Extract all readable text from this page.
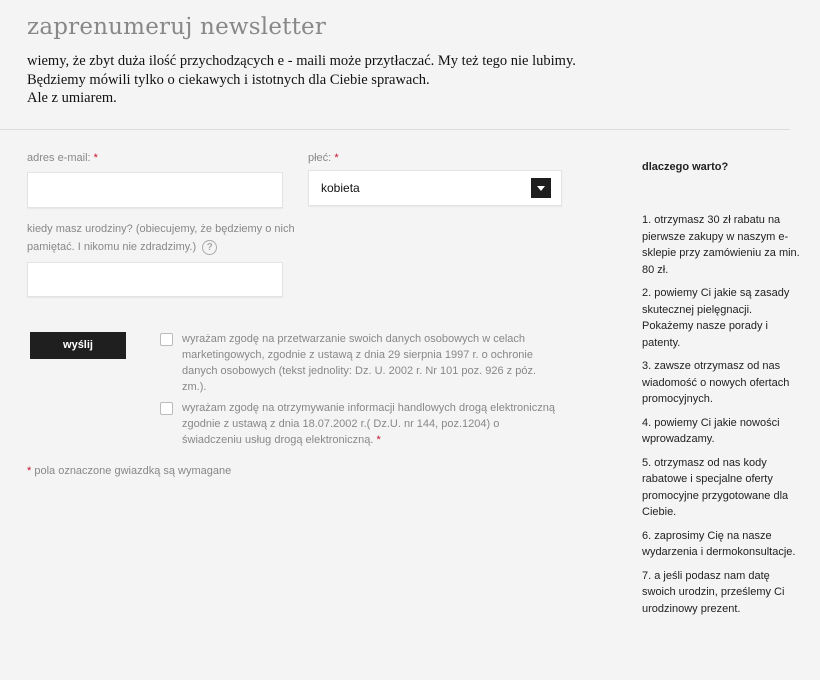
zaprenumeruj newsletter
wiemy, że zbyt duża ilość przychodzących e - maili może przytłaczać. My też tego nie lubimy.
Będziemy mówili tylko o ciekawych i istotnych dla Ciebie sprawach.
Ale z umiarem.
adres e-mail: *	płeć: *
kobieta
kiedy masz urodziny? (obiecujemy, że będziemy o nich
pamiętać. I nikomu nie zdradzimy.) ?
wyślij	wyrażam zgodę na przetwarzanie swoich danych osobowych w celach marketingowych, zgodnie z ustawą z dnia 29 sierpnia 1997 r. o ochronie danych osobowych (tekst jednolity: Dz. U. 2002 r. Nr 101 poz. 926 z póz. zm.).
wyrażam zgodę na otrzymywanie informacji handlowych drogą elektroniczną zgodnie z ustawą z dnia 18.07.2002 r.( Dz.U. nr 144, poz.1204) o świadczeniu usług drogą elektroniczną. *
* pola oznaczone gwiazdką są wymagane
dlaczego warto?
1. otrzymasz 30 zł rabatu na pierwsze zakupy w naszym e-sklepie przy zamówieniu za min. 80 zł.
2. powiemy Ci jakie są zasady skutecznej pielęgnacji. Pokażemy nasze porady i patenty.
3. zawsze otrzymasz od nas wiadomość o nowych ofertach promocyjnych.
4. powiemy Ci jakie nowości wprowadzamy.
5. otrzymasz od nas kody rabatowe i specjalne oferty promocyjne przygotowane dla Ciebie.
6. zaprosimy Cię na nasze wydarzenia i dermokonsultacje.
7. a jeśli podasz nam datę swoich urodzin, prześlemy Ci urodzinowy prezent.
